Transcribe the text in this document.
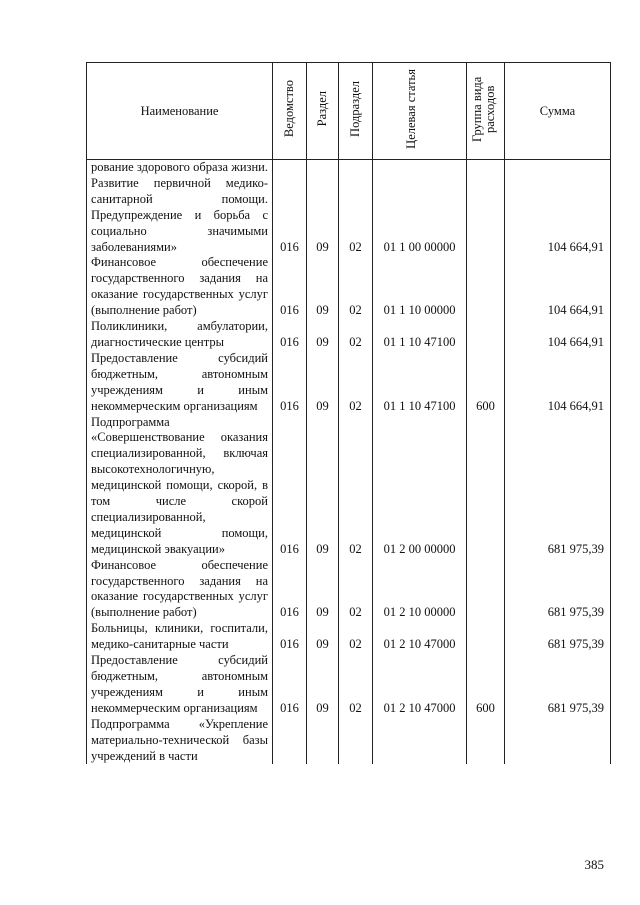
Наименование	Ведомство	Раздел	Подраздел	Целевая статья	Группа вида расходов	Сумма
рование здорового образа жизни. Развитие первичной медико-санитарной помощи. Предупреждение и борьба с социально значимыми заболеваниями»	016	09	02	01 1 00 00000		104 664,91

Финансовое обеспечение государственного задания на оказание государственных услуг (выполнение работ)	016	09	02	01 1 10 00000		104 664,91

Поликлиники, амбулатории, диагностические центры	016	09	02	01 1 10 47100		104 664,91

Предоставление субсидий бюджетным, автономным учреждениям и иным некоммерческим организациям	016	09	02	01 1 10 47100	600	104 664,91

Подпрограмма «Совершенствование оказания специализированной, включая высокотехнологичную, медицинской помощи, скорой, в том числе скорой специализированной, медицинской помощи, медицинской эвакуации»	016	09	02	01 2 00 00000		681 975,39

Финансовое обеспечение государственного задания на оказание государственных услуг (выполнение работ)	016	09	02	01 2 10 00000		681 975,39

Больницы, клиники, госпитали, медико-санитарные части	016	09	02	01 2 10 47000		681 975,39

Предоставление субсидий бюджетным, автономным учреждениям и иным некоммерческим организациям	016	09	02	01 2 10 47000	600	681 975,39

Подпрограмма «Укрепление материально-технической базы учреждений в части	

385
